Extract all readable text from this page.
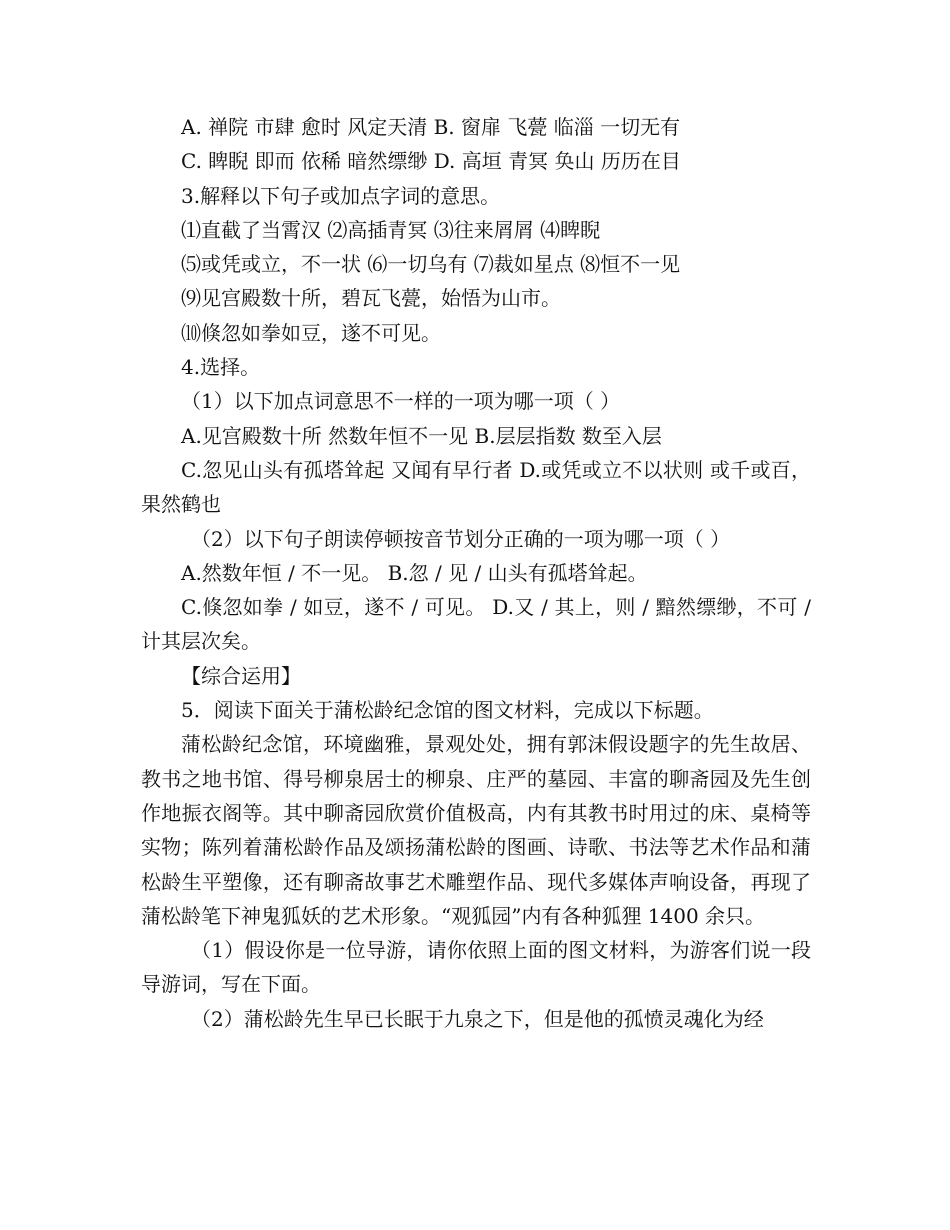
A. 禅院 市肆 愈时 风定天清 B. 窗扉 飞甍 临淄 一切无有
C. 睥睨 即而 依稀 暗然缥缈 D. 高垣 青冥 奂山 历历在目
3.解释以下句子或加点字词的意思。
⑴直截了当霄汉 ⑵高插青冥 ⑶往来屑屑 ⑷睥睨
⑸或凭或立，不一状 ⑹一切乌有 ⑺裁如星点 ⑻恒不一见
⑼见宫殿数十所，碧瓦飞甍，始悟为山市。
⑽倏忽如拳如豆，遂不可见。
4.选择。
（1）以下加点词意思不一样的一项为哪一项（ ）
A.见宫殿数十所 然数年恒不一见 B.层层指数 数至入层

C.忽见山头有孤塔耸起 又闻有早行者 D.或凭或立不以状则 或千或百，果然鹤也

（2）以下句子朗读停顿按音节划分正确的一项为哪一项（ ）
A.然数年恒 / 不一见。 B.忽 / 见 / 山头有孤塔耸起。

C.倏忽如拳 / 如豆，遂不 / 可见。 D.又 / 其上，则 / 黯然缥缈，不可 / 计其层次矣。

【综合运用】
5．阅读下面关于蒲松龄纪念馆的图文材料，完成以下标题。

蒲松龄纪念馆，环境幽雅，景观处处，拥有郭沫假设题字的先生故居、教书之地书馆、得号柳泉居士的柳泉、庄严的墓园、丰富的聊斋园及先生创作地振衣阁等。其中聊斋园欣赏价值极高，内有其教书时用过的床、桌椅等实物；陈列着蒲松龄作品及颂扬蒲松龄的图画、诗歌、书法等艺术作品和蒲松龄生平塑像，还有聊斋故事艺术雕塑作品、现代多媒体声响设备，再现了蒲松龄笔下神鬼狐妖的艺术形象。“观狐园”内有各种狐狸 1400 余只。

（1）假设你是一位导游，请你依照上面的图文材料，为游客们说一段导游词，写在下面。

（2）蒲松龄先生早已长眠于九泉之下，但是他的孤愤灵魂化为经
